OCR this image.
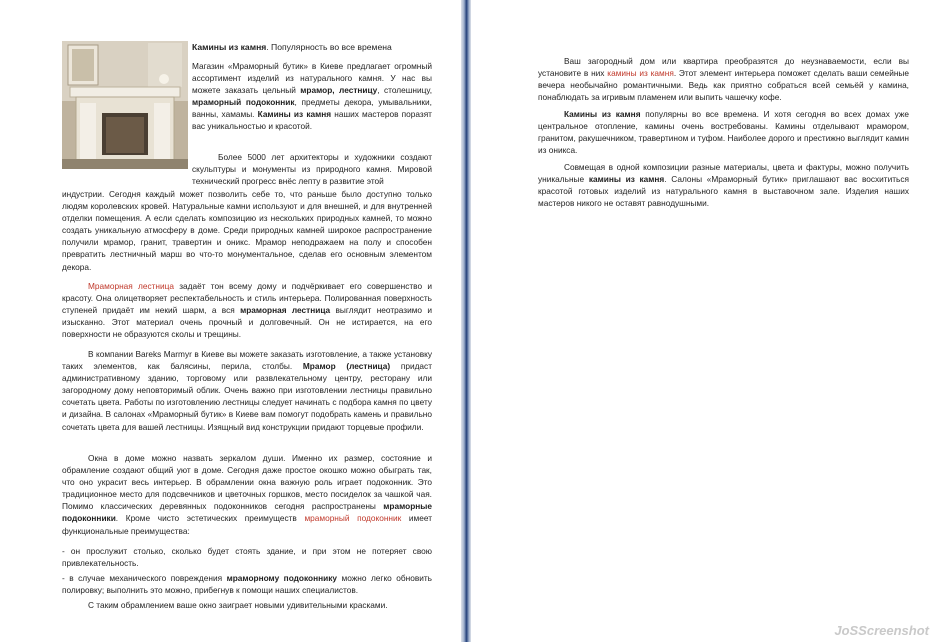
Камины из камня. Популярность во все времена
Магазин «Мраморный бутик» в Киеве предлагает огромный ассортимент изделий из натурального камня. У нас вы можете заказать цельный мрамор, лестницу, столешницу, мраморный подоконник, предметы декора, умывальники, ванны, хамамы. Камины из камня наших мастеров поразят вас уникальностью и красотой.
Более 5000 лет архитекторы и художники создают скульптуры и монументы из природного камня. Мировой технический прогресс внёс лепту в развитие этой
индустрии. Сегодня каждый может позволить себе то, что раньше было доступно только людям королевских кровей. Натуральные камни используют и для внешней, и для внутренней отделки помещения. А если сделать композицию из нескольких природных камней, то можно создать уникальную атмосферу в доме. Среди природных камней широкое распространение получили мрамор, гранит, травертин и оникс. Мрамор неподражаем на полу и способен превратить лестничный марш во что-то монументальное, сделав его основным элементом декора.
Мраморная лестница задаёт тон всему дому и подчёркивает его совершенство и красоту. Она олицетворяет респектабельность и стиль интерьера. Полированная поверхность ступеней придаёт им некий шарм, а вся мраморная лестница выглядит неотразимо и изысканно. Этот материал очень прочный и долговечный. Он не истирается, на его поверхности не образуются сколы и трещины.
В компании Bareks Marmyr в Киеве вы можете заказать изготовление, а также установку таких элементов, как балясины, перила, столбы. Мрамор (лестница) придаст административному зданию, торговому или развлекательному центру, ресторану или загородному дому неповторимый облик. Очень важно при изготовлении лестницы правильно сочетать цвета. Работы по изготовлению лестницы следует начинать с подбора камня по цвету и дизайна. В салонах «Мраморный бутик» в Киеве вам помогут подобрать камень и правильно сочетать цвета для вашей лестницы. Изящный вид конструкции придают торцевые профили.
Окна в доме можно назвать зеркалом души. Именно их размер, состояние и обрамление создают общий уют в доме. Сегодня даже простое окошко можно обыграть так, что оно украсит весь интерьер. В обрамлении окна важную роль играет подоконник. Это традиционное место для подсвечников и цветочных горшков, место посиделок за чашкой чая. Помимо классических деревянных подоконников сегодня распространены мраморные подоконники. Кроме чисто эстетических преимуществ мраморный подоконник имеет функциональные преимущества:
- он прослужит столько, сколько будет стоять здание, и при этом не потеряет свою привлекательность.
- в случае механического повреждения мраморному подоконнику можно легко обновить полировку; выполнить это можно, прибегнув к помощи наших специалистов.
С таким обрамлением ваше окно заиграет новыми удивительными красками.
Ваш загородный дом или квартира преобразятся до неузнаваемости, если вы установите в них камины из камня. Этот элемент интерьера поможет сделать ваши семейные вечера необычайно романтичными. Ведь как приятно собраться всей семьёй у камина, понаблюдать за игривым пламенем или выпить чашечку кофе.
Камины из камня популярны во все времена. И хотя сегодня во всех домах уже центральное отопление, камины очень востребованы. Камины отделывают мрамором, гранитом, ракушечником, травертином и туфом. Наиболее дорого и престижно выглядит камин из оникса.
Совмещая в одной композиции разные материалы, цвета и фактуры, можно получить уникальные камины из камня. Салоны «Мраморный бутик» приглашают вас восхититься красотой готовых изделий из натурального камня в выставочном зале. Изделия наших мастеров никого не оставят равнодушными.
JoSScreenshot
